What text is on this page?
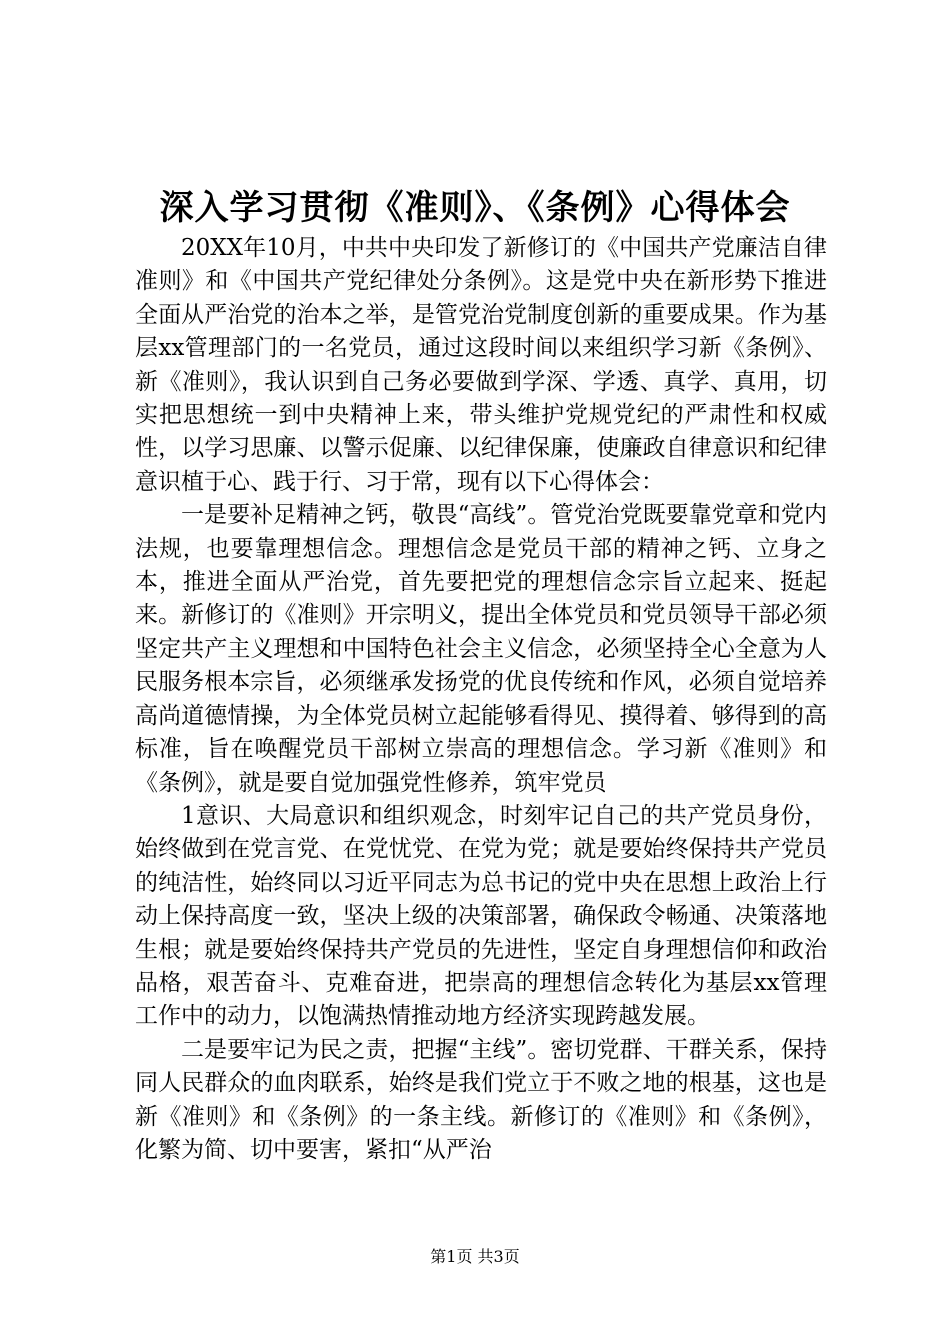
深入学习贯彻《准则》、《条例》心得体会

20XX年10月，中共中央印发了新修订的《中国共产党廉洁自律准则》和《中国共产党纪律处分条例》。这是党中央在新形势下推进全面从严治党的治本之举，是管党治党制度创新的重要成果。作为基层xx管理部门的一名党员，通过这段时间以来组织学习新《条例》、新《准则》，我认识到自己务必要做到学深、学透、真学、真用，切实把思想统一到中央精神上来，带头维护党规党纪的严肃性和权威性，以学习思廉、以警示促廉、以纪律保廉，使廉政自律意识和纪律意识植于心、践于行、习于常，现有以下心得体会：

一是要补足精神之钙，敬畏“高线”。管党治党既要靠党章和党内法规，也要靠理想信念。理想信念是党员干部的精神之钙、立身之本，推进全面从严治党，首先要把党的理想信念宗旨立起来、挺起来。新修订的《准则》开宗明义，提出全体党员和党员领导干部必须坚定共产主义理想和中国特色社会主义信念，必须坚持全心全意为人民服务根本宗旨，必须继承发扬党的优良传统和作风，必须自觉培养高尚道德情操，为全体党员树立起能够看得见、摸得着、够得到的高标准，旨在唤醒党员干部树立崇高的理想信念。学习新《准则》和《条例》，就是要自觉加强党性修养，筑牢党员

1意识、大局意识和组织观念，时刻牢记自己的共产党员身份，始终做到在党言党、在党忧党、在党为党；就是要始终保持共产党员的纯洁性，始终同以习近平同志为总书记的党中央在思想上政治上行动上保持高度一致，坚决上级的决策部署，确保政令畅通、决策落地生根；就是要始终保持共产党员的先进性，坚定自身理想信仰和政治品格，艰苦奋斗、克难奋进，把崇高的理想信念转化为基层xx管理工作中的动力，以饱满热情推动地方经济实现跨越发展。

二是要牢记为民之责，把握“主线”。密切党群、干群关系，保持同人民群众的血肉联系，始终是我们党立于不败之地的根基，这也是新《准则》和《条例》的一条主线。新修订的《准则》和《条例》，化繁为简、切中要害，紧扣“从严治

第1页 共3页
